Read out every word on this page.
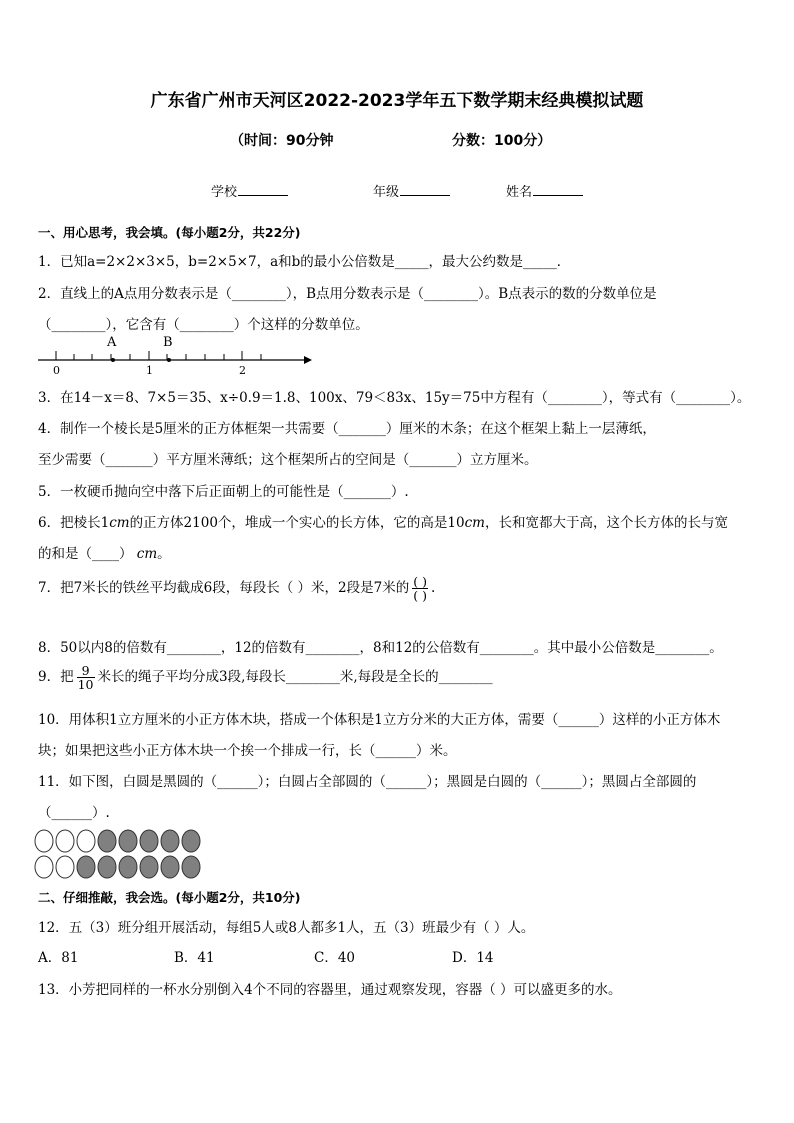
广东省广州市天河区2022-2023学年五下数学期末经典模拟试题
（时间：90分钟	分数：100分）
学校	年级	姓名
一、用心思考，我会填。(每小题2分，共22分)
1．已知a=2×2×3×5，b=2×5×7，a和b的最小公倍数是_____，最大公约数是_____．
2．直线上的A点用分数表示是（________），B点用分数表示是（________）。B点表示的数的分数单位是
（________），它含有（________）个这样的分数单位。
A	B
0	1	2
3．在14－x＝8、7×5＝35、x÷0.9＝1.8、100x、79＜83x、15y＝75中方程有（________），等式有（________）。
4．制作一个棱长是5厘米的正方体框架一共需要（_______）厘米的木条；在这个框架上黏上一层薄纸，
至少需要（_______）平方厘米薄纸；这个框架所占的空间是（_______）立方厘米。
5．一枚硬币抛向空中落下后正面朝上的可能性是（_______）.
6．把棱长1cm的正方体2100个，堆成一个实心的长方体，它的高是10cm，长和宽都大于高，这个长方体的长与宽
的和是（____） cm。
7．把7米长的铁丝平均截成6段，每段长（ ）米，2段是7米的 $\frac{( )}{( )}$ .
8．50以内8的倍数有________，12的倍数有________，8和12的公倍数有________。其中最小公倍数是________。
9．把 $\frac{9}{10}$ 米长的绳子平均分成3段,每段长________米,每段是全长的________
10．用体积1立方厘米的小正方体木块，搭成一个体积是1立方分米的大正方体，需要（______）这样的小正方体木
块；如果把这些小正方体木块一个挨一个排成一行，长（______）米。
11．如下图，白圆是黑圆的（______）；白圆占全部圆的（______）；黑圆是白圆的（______）；黑圆占全部圆的
（______）.
二、仔细推敲，我会选。(每小题2分，共10分)
12．五（3）班分组开展活动，每组5人或8人都多1人，五（3）班最少有（ ）人。
A．81	B．41	C．40	D．14
13．小芳把同样的一杯水分别倒入4个不同的容器里，通过观察发现，容器（ ）可以盛更多的水。
